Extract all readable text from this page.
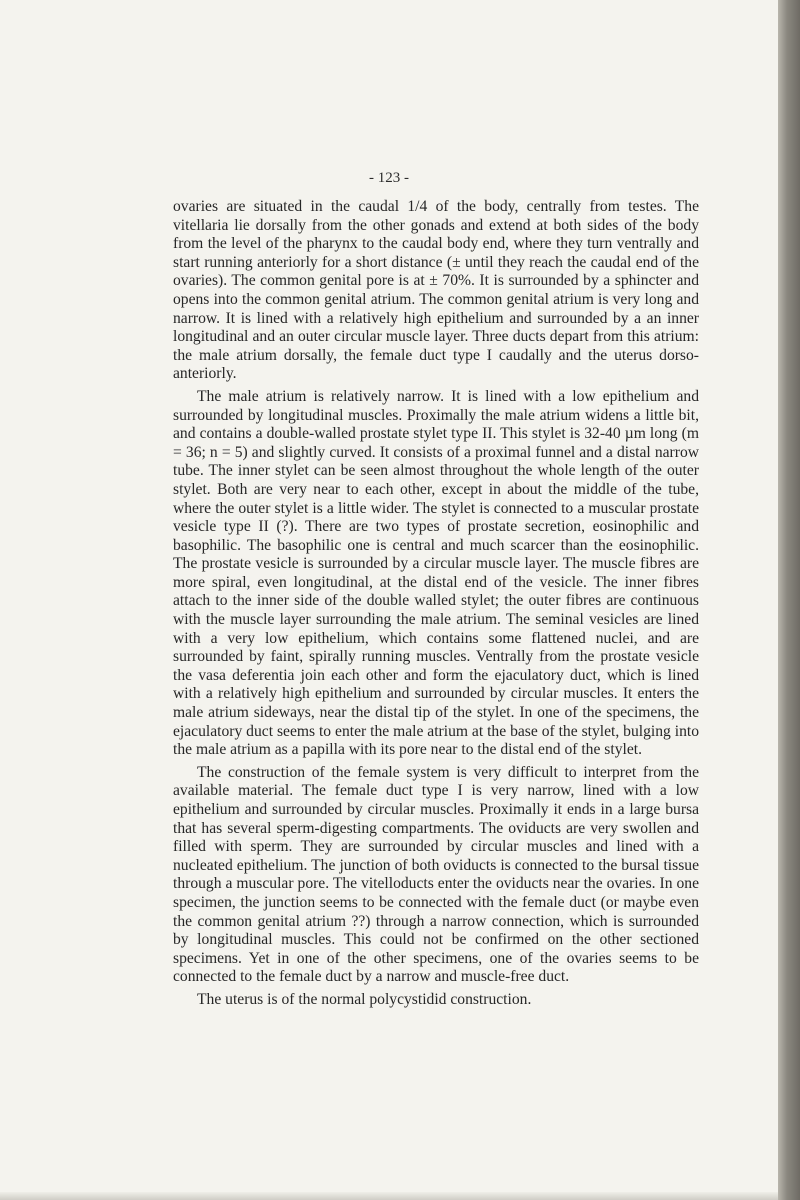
- 123 -

ovaries are situated in the caudal 1/4 of the body, centrally from testes. The vitellaria lie dorsally from the other gonads and extend at both sides of the body from the level of the pharynx to the caudal body end, where they turn ventrally and start running anteriorly for a short distance (± until they reach the caudal end of the ovaries). The common genital pore is at ± 70%. It is surrounded by a sphincter and opens into the common genital atrium. The common genital atrium is very long and narrow. It is lined with a relatively high epithelium and surrounded by a an inner longitudinal and an outer circular muscle layer. Three ducts depart from this atrium: the male atrium dorsally, the female duct type I caudally and the uterus dorso-anteriorly.

The male atrium is relatively narrow. It is lined with a low epithelium and surrounded by longitudinal muscles. Proximally the male atrium widens a little bit, and contains a double-walled prostate stylet type II. This stylet is 32-40 µm long (m = 36; n = 5) and slightly curved. It consists of a proximal funnel and a distal narrow tube. The inner stylet can be seen almost throughout the whole length of the outer stylet. Both are very near to each other, except in about the middle of the tube, where the outer stylet is a little wider. The stylet is connected to a muscular prostate vesicle type II (?). There are two types of prostate secretion, eosinophilic and basophilic. The basophilic one is central and much scarcer than the eosinophilic. The prostate vesicle is surrounded by a circular muscle layer. The muscle fibres are more spiral, even longitudinal, at the distal end of the vesicle. The inner fibres attach to the inner side of the double walled stylet; the outer fibres are continuous with the muscle layer surrounding the male atrium. The seminal vesicles are lined with a very low epithelium, which contains some flattened nuclei, and are surrounded by faint, spirally running muscles. Ventrally from the prostate vesicle the vasa deferentia join each other and form the ejaculatory duct, which is lined with a relatively high epithelium and surrounded by circular muscles. It enters the male atrium sideways, near the distal tip of the stylet. In one of the specimens, the ejaculatory duct seems to enter the male atrium at the base of the stylet, bulging into the male atrium as a papilla with its pore near to the distal end of the stylet.

The construction of the female system is very difficult to interpret from the available material. The female duct type I is very narrow, lined with a low epithelium and surrounded by circular muscles. Proximally it ends in a large bursa that has several sperm-digesting compartments. The oviducts are very swollen and filled with sperm. They are surrounded by circular muscles and lined with a nucleated epithelium. The junction of both oviducts is connected to the bursal tissue through a muscular pore. The vitelloducts enter the oviducts near the ovaries. In one specimen, the junction seems to be connected with the female duct (or maybe even the common genital atrium ??) through a narrow connection, which is surrounded by longitudinal muscles. This could not be confirmed on the other sectioned specimens. Yet in one of the other specimens, one of the ovaries seems to be connected to the female duct by a narrow and muscle-free duct.

The uterus is of the normal polycystidid construction.
